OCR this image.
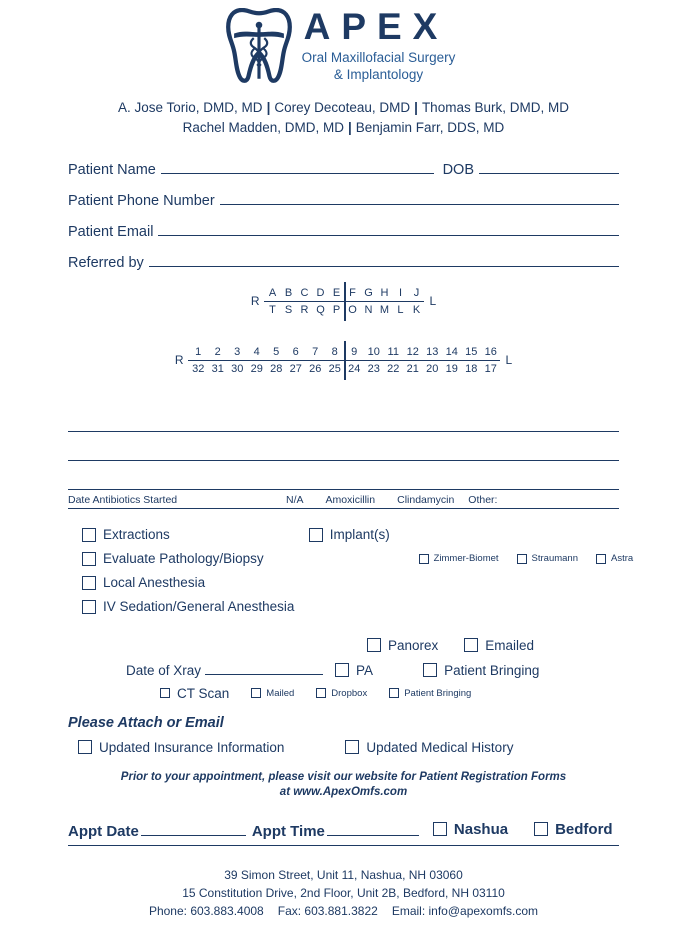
APEX
Oral Maxillofacial Surgery
& Implantology
A. Jose Torio, DMD, MD | Corey Decoteau, DMD | Thomas Burk, DMD, MD
Rachel Madden, DMD, MD | Benjamin Farr, DDS, MD
Patient Name	DOB
Patient Phone Number
Patient Email
Referred by
R
A B C D E F G H I	J
T S R Q P O N M L K
L
R
1	2	3	4	5	6	7	8	9 10 11 12 13 14 15 16
32 31 30 29 28 27 26 25 24 23 22 21 20 19 18 17
L
Date Antibiotics Started	N/A Amoxicillin Clindamycin Other:
Extractions	Implant(s)
Evaluate Pathology/Biopsy	Zimmer-Biomet	Straumann	Astra
Local Anesthesia
IV Sedation/General Anesthesia
Panorex	Emailed
Date of Xray	PA	Patient Bringing
CT Scan	Mailed	Dropbox	Patient Bringing
Please Attach or Email
Updated Insurance Information	Updated Medical History
Prior to your appointment, please visit our website for Patient Registration Forms
at www.ApexOmfs.com
Appt Date	Appt Time	Nashua	Bedford
39 Simon Street, Unit 11, Nashua, NH 03060
15 Constitution Drive, 2nd Floor, Unit 2B, Bedford, NH 03110
Phone: 603.883.4008 Fax: 603.881.3822 Email: info@apexomfs.com
